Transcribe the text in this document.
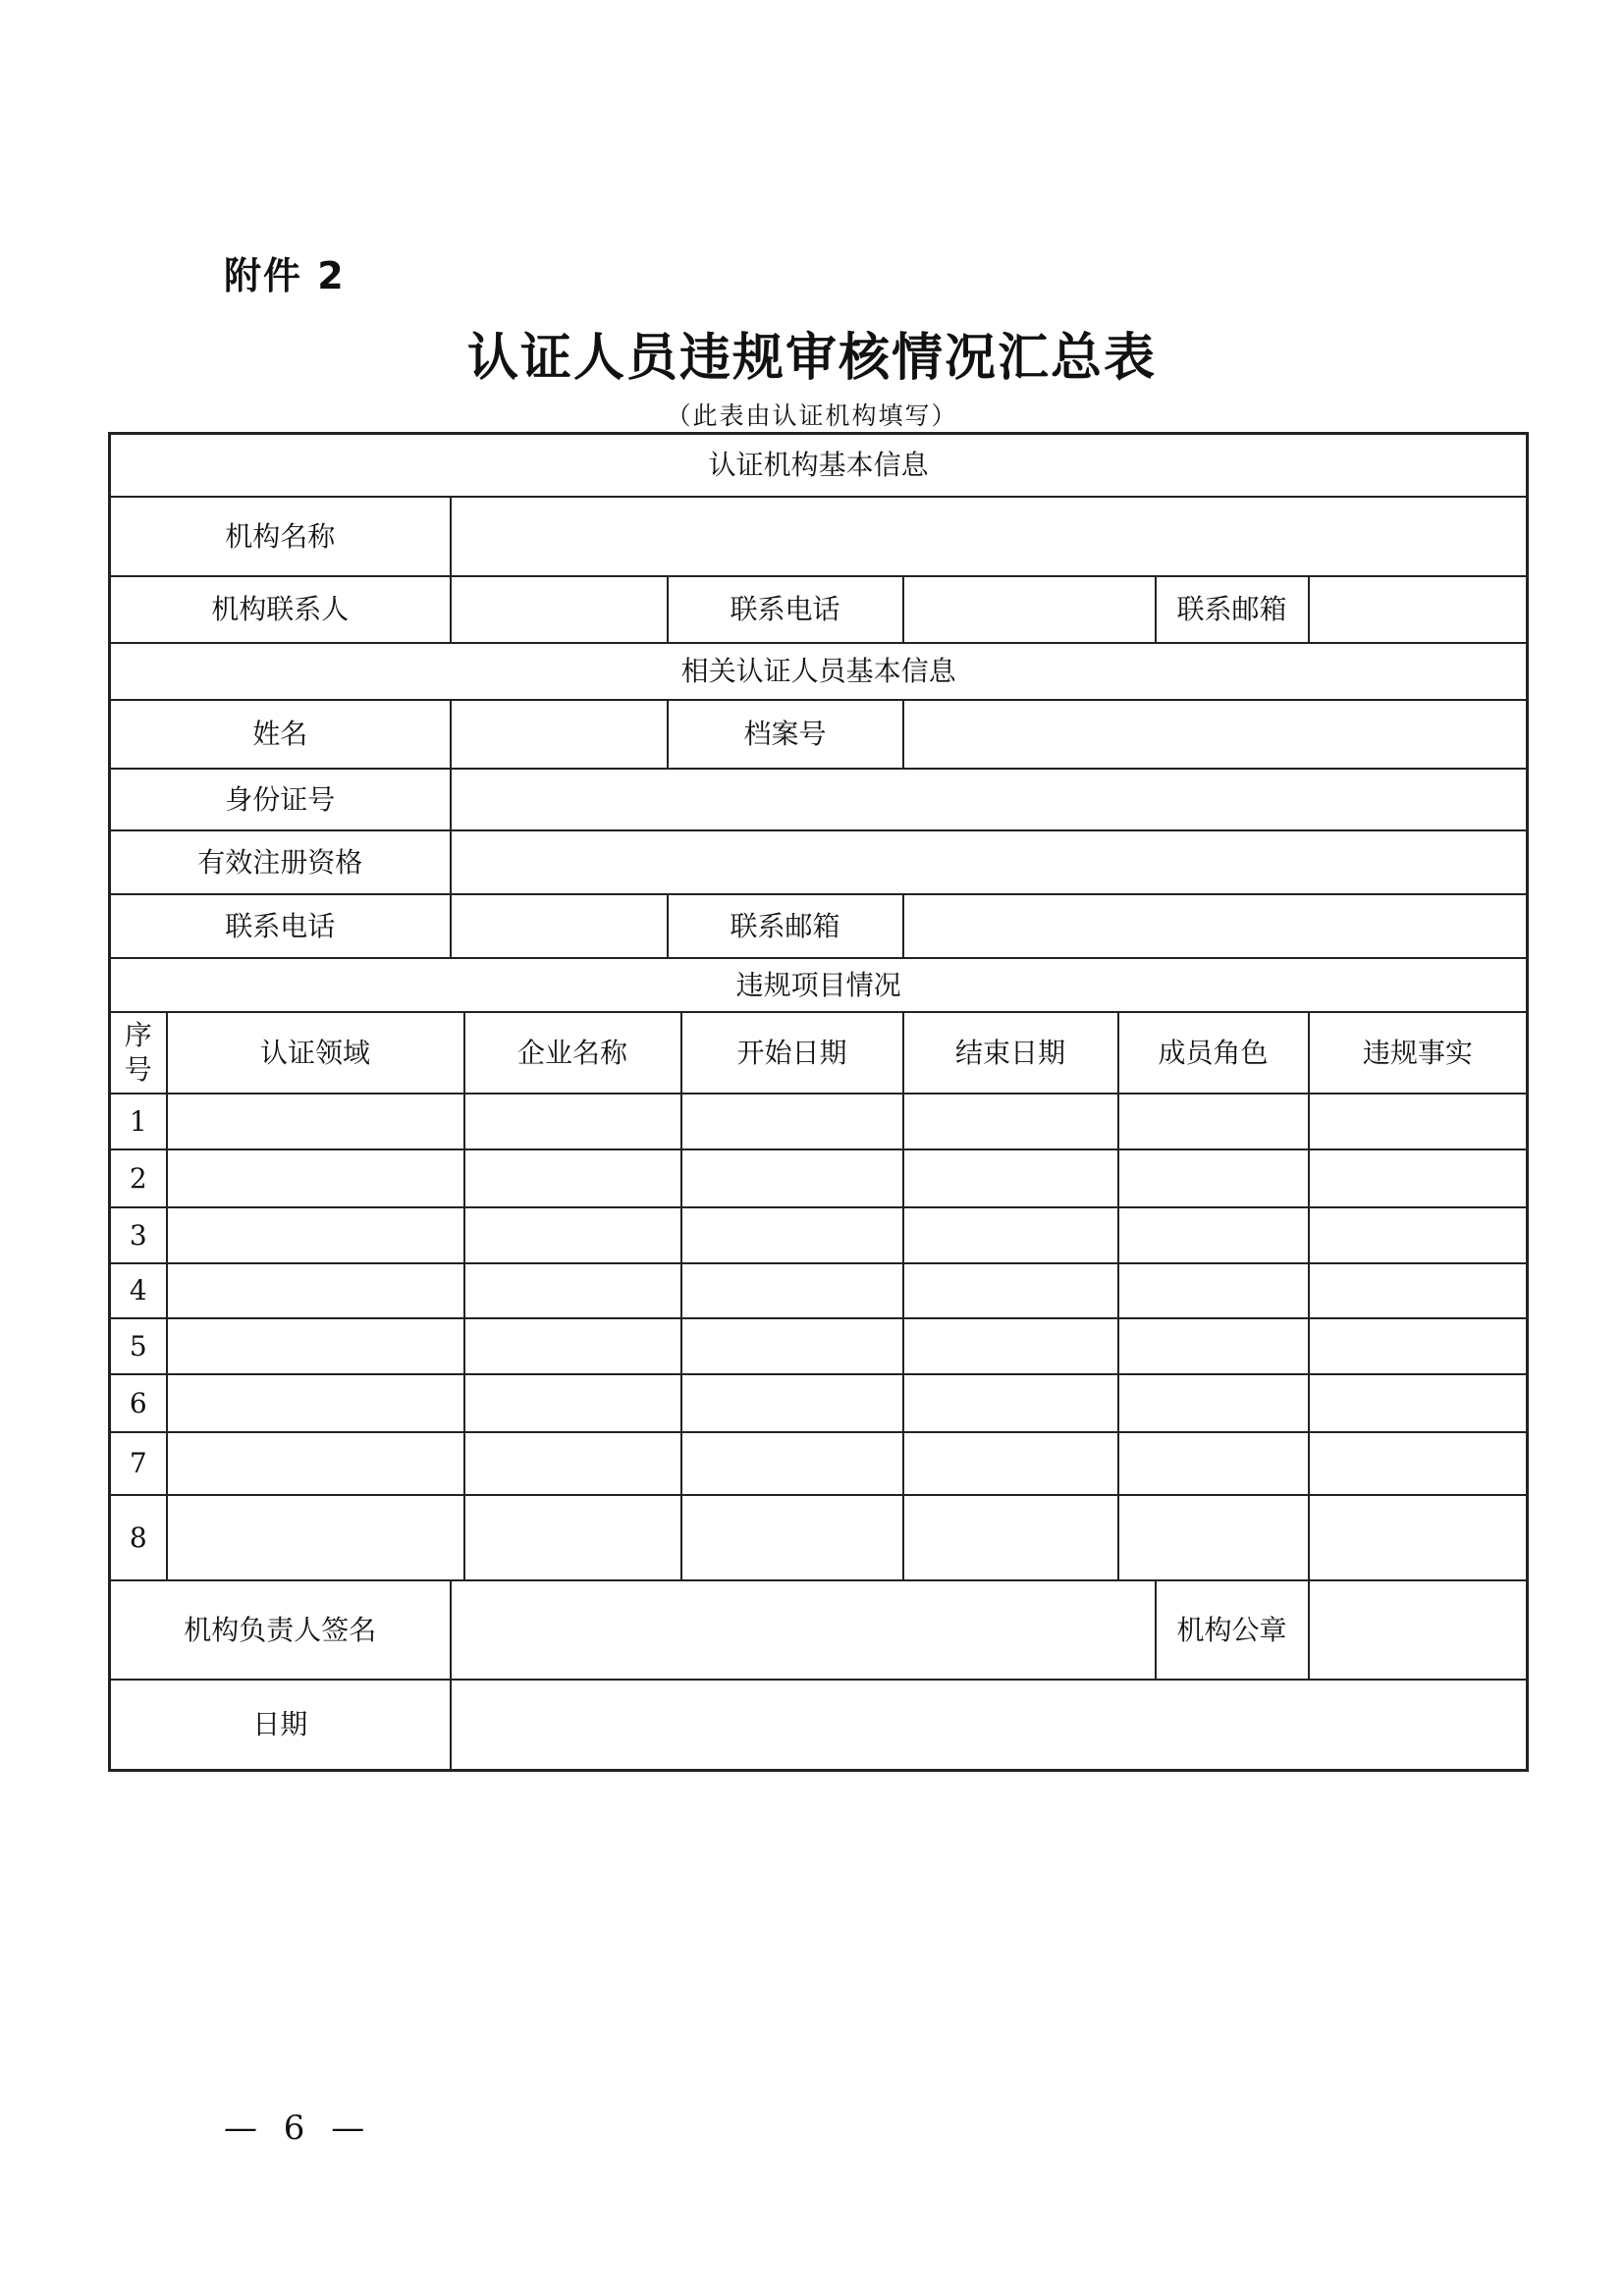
附件 2
认证人员违规审核情况汇总表
（此表由认证机构填写）
认证机构基本信息									
机构名称									
机构联系人				联系电话				联系邮箱	
相关认证人员基本信息									
姓名				档案号					
身份证号									
有效注册资格									
联系电话				联系邮箱					
违规项目情况									
序号	认证领域		企业名称		开始日期	结束日期	成员角色		违规事实
1									
2									
3									
4									
5									
6									
7									
8									
机构负责人签名								机构公章	
日期									
— 6 —
